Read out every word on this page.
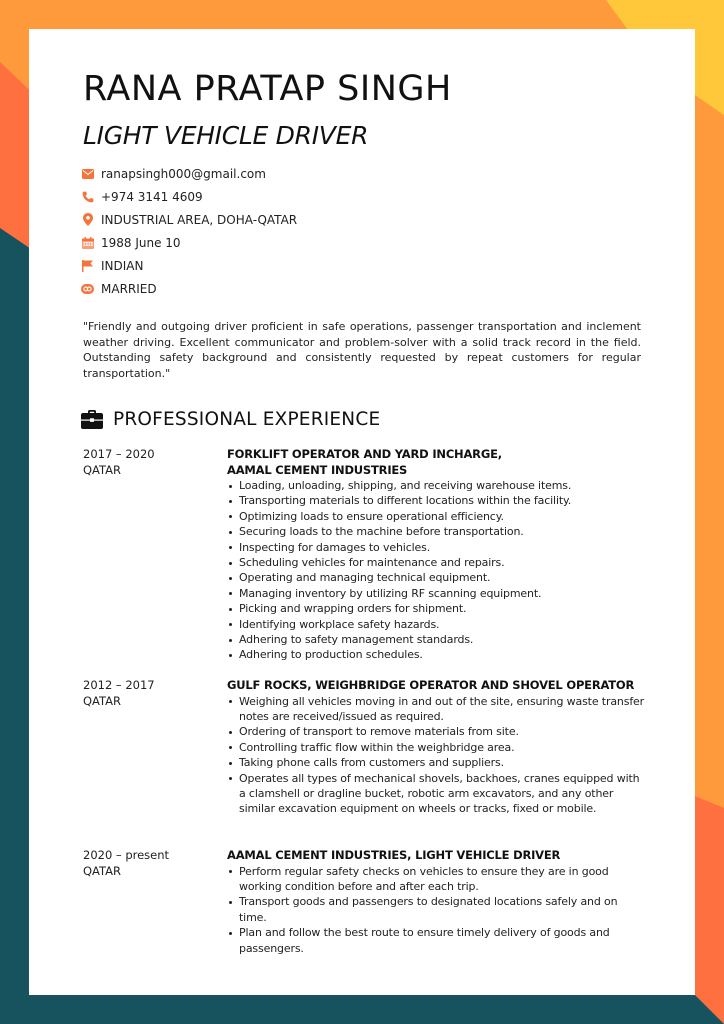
RANA PRATAP SINGH
LIGHT VEHICLE DRIVER
ranapsingh000@gmail.com
+974 3141 4609
INDUSTRIAL AREA, DOHA-QATAR
1988 June 10
INDIAN
MARRIED

"Friendly and outgoing driver proficient in safe operations, passenger transportation and inclement weather driving. Excellent communicator and problem-solver with a solid track record in the field. Outstanding safety background and consistently requested by repeat customers for regular transportation."

PROFESSIONAL EXPERIENCE
2017 – 2020
QATAR

FORKLIFT OPERATOR AND YARD INCHARGE,

AAMAL CEMENT INDUSTRIES

Loading, unloading, shipping, and receiving warehouse items.
Transporting materials to different locations within the facility.
Optimizing loads to ensure operational efficiency.
Securing loads to the machine before transportation.
Inspecting for damages to vehicles.
Scheduling vehicles for maintenance and repairs.
Operating and managing technical equipment.
Managing inventory by utilizing RF scanning equipment.
Picking and wrapping orders for shipment.
Identifying workplace safety hazards.
Adhering to safety management standards.
Adhering to production schedules.
2012 – 2017
QATAR

GULF ROCKS, WEIGHBRIDGE OPERATOR AND SHOVEL OPERATOR

Weighing all vehicles moving in and out of the site, ensuring waste transfer notes are received/issued as required.
Ordering of transport to remove materials from site.
Controlling traffic flow within the weighbridge area.
Taking phone calls from customers and suppliers.
Operates all types of mechanical shovels, backhoes, cranes equipped with a clamshell or dragline bucket, robotic arm excavators, and any other similar excavation equipment on wheels or tracks, fixed or mobile.
2020 – present
QATAR

AAMAL CEMENT INDUSTRIES, LIGHT VEHICLE DRIVER

Perform regular safety checks on vehicles to ensure they are in good working condition before and after each trip.
Transport goods and passengers to designated locations safely and on time.
Plan and follow the best route to ensure timely delivery of goods and passengers.
